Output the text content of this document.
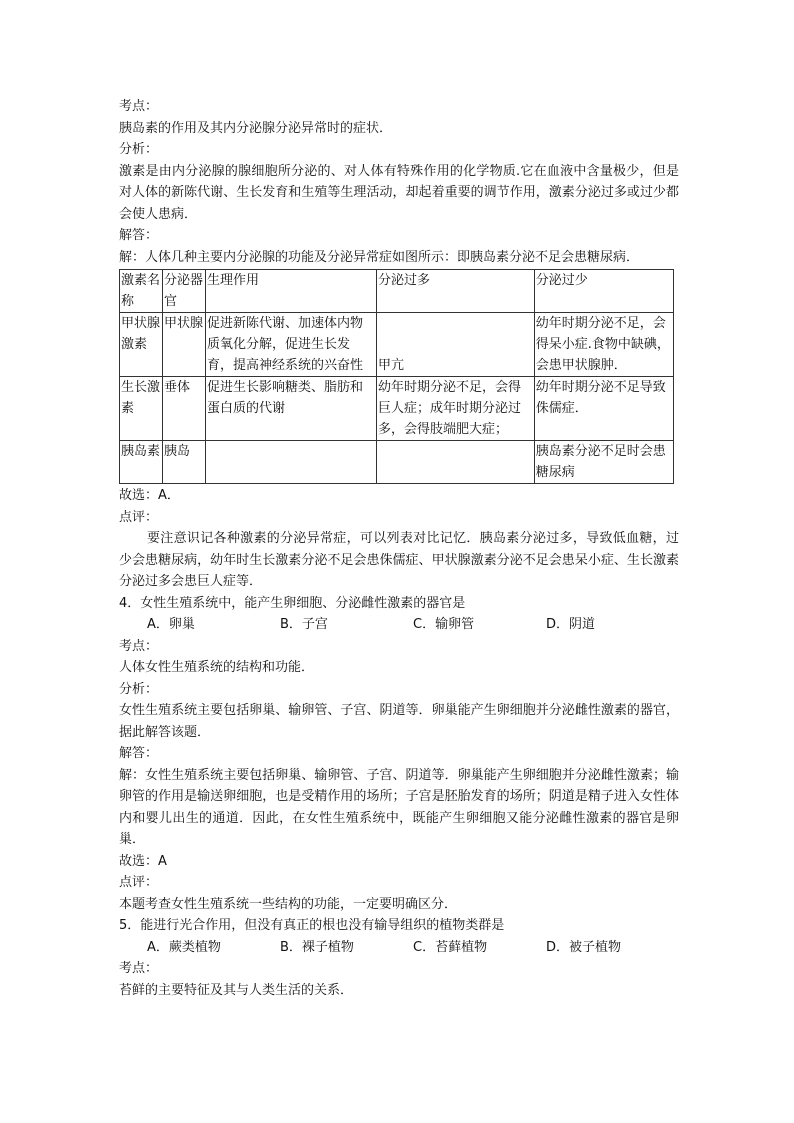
考点：
胰岛素的作用及其内分泌腺分泌异常时的症状．
分析：
激素是由内分泌腺的腺细胞所分泌的、对人体有特殊作用的化学物质.它在血液中含量极少，但是对人体的新陈代谢、生长发育和生殖等生理活动，却起着重要的调节作用，激素分泌过多或过少都会使人患病．
解答：
解：人体几种主要内分泌腺的功能及分泌异常症如图所示：即胰岛素分泌不足会患糖尿病．
激素名称	分泌器官	生理作用	分泌过多	分泌过少
甲状腺激素	甲状腺	促进新陈代谢、加速体内物质氧化分解，促进生长发育，提高神经系统的兴奋性	甲亢	幼年时期分泌不足，会得呆小症.食物中缺碘，会患甲状腺肿．
生长激素	垂体	促进生长影响糖类、脂肪和蛋白质的代谢	幼年时期分泌不足，会得巨人症；成年时期分泌过多，会得肢端肥大症；	幼年时期分泌不足导致侏儒症．
胰岛素	胰岛			胰岛素分泌不足时会患糖尿病
故选：A．
点评：
要注意识记各种激素的分泌异常症，可以列表对比记忆．胰岛素分泌过多，导致低血糖，过少会患糖尿病，幼年时生长激素分泌不足会患侏儒症、甲状腺激素分泌不足会患呆小症、生长激素分泌过多会患巨人症等．
4．女性生殖系统中，能产生卵细胞、分泌雌性激素的器官是
A．卵巢	B．子宫	C．输卵管	D．阴道
考点：
人体女性生殖系统的结构和功能．
分析：
女性生殖系统主要包括卵巢、输卵管、子宫、阴道等．卵巢能产生卵细胞并分泌雌性激素的器官，据此解答该题．
解答：
解：女性生殖系统主要包括卵巢、输卵管、子宫、阴道等．卵巢能产生卵细胞并分泌雌性激素；输卵管的作用是输送卵细胞，也是受精作用的场所；子宫是胚胎发育的场所；阴道是精子进入女性体内和婴儿出生的通道．因此，在女性生殖系统中，既能产生卵细胞又能分泌雌性激素的器官是卵巢．
故选：A
点评：
本题考查女性生殖系统一些结构的功能，一定要明确区分．
5．能进行光合作用，但没有真正的根也没有输导组织的植物类群是
A．蕨类植物	B．裸子植物	C．苔藓植物	D．被子植物
考点：
苔鲜的主要特征及其与人类生活的关系．
